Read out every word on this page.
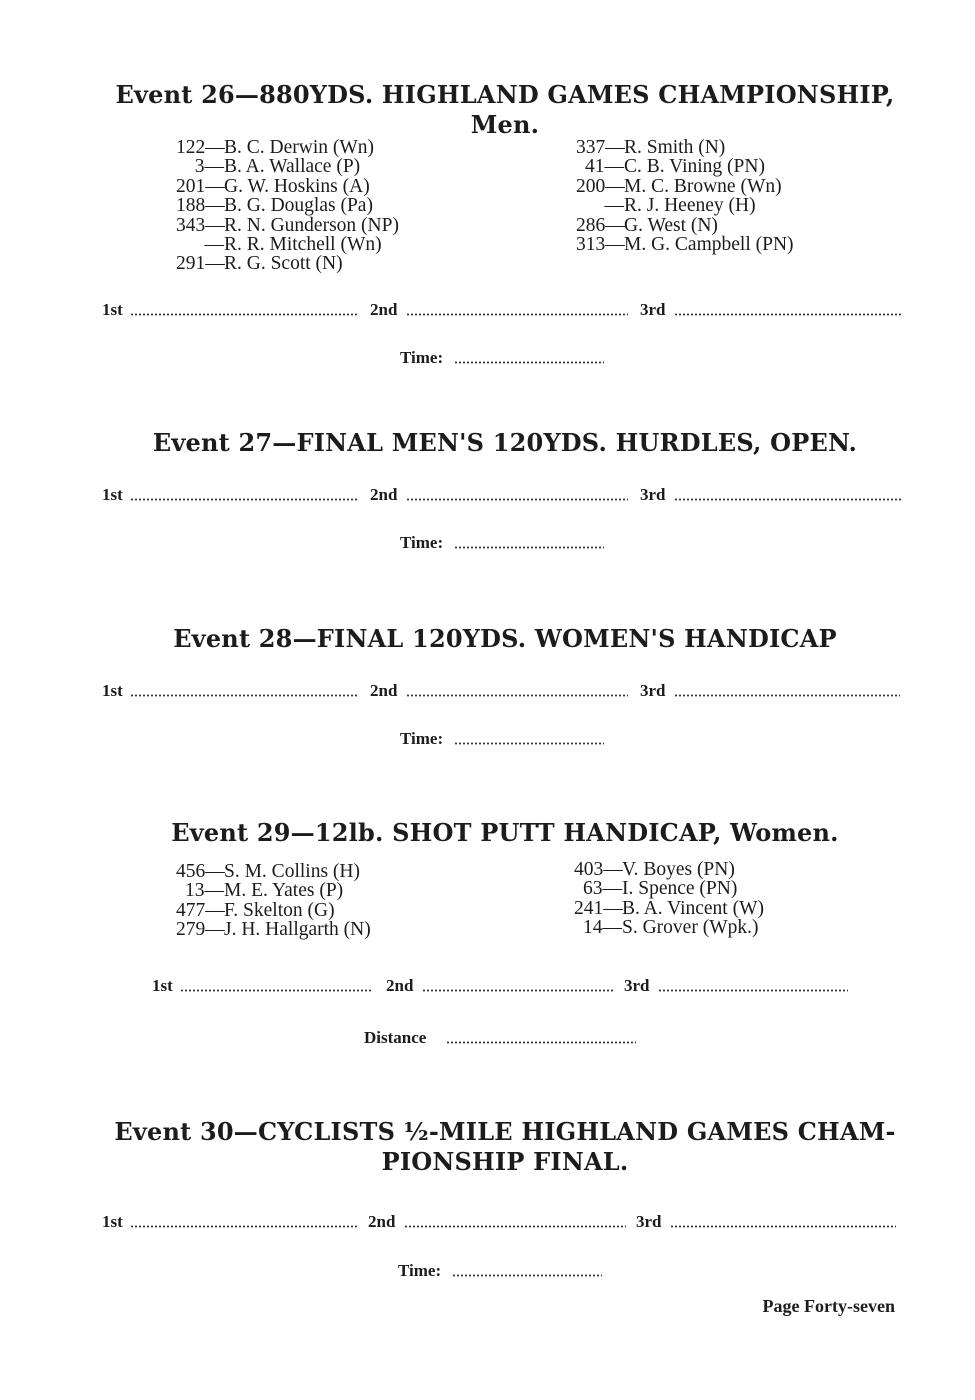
Event 26—880YDS. HIGHLAND GAMES CHAMPIONSHIP,
Men.
122—B. C. Derwin (Wn)
3—B. A. Wallace (P)
201—G. W. Hoskins (A)
188—B. G. Douglas (Pa)
343—R. N. Gunderson (NP)
—R. R. Mitchell (Wn)
291—R. G. Scott (N)
337—R. Smith (N)
41—C. B. Vining (PN)
200—M. C. Browne (Wn)
—R. J. Heeney (H)
286—G. West (N)
313—M. G. Campbell (PN)
1st	2nd	3rd
Time:
Event 27—FINAL MEN'S 120YDS. HURDLES, OPEN.
1st	2nd	3rd
Time:
Event 28—FINAL 120YDS. WOMEN'S HANDICAP
1st	2nd	3rd
Time:
Event 29—12lb. SHOT PUTT HANDICAP, Women.
456—S. M. Collins (H)
13—M. E. Yates (P)
477—F. Skelton (G)
279—J. H. Hallgarth (N)
403—V. Boyes (PN)
63—I. Spence (PN)
241—B. A. Vincent (W)
14—S. Grover (Wpk.)
1st	2nd	3rd
Distance
Event 30—CYCLISTS ½-MILE HIGHLAND GAMES CHAM-
PIONSHIP FINAL.
1st	2nd	3rd
Time:
Page Forty-seven
